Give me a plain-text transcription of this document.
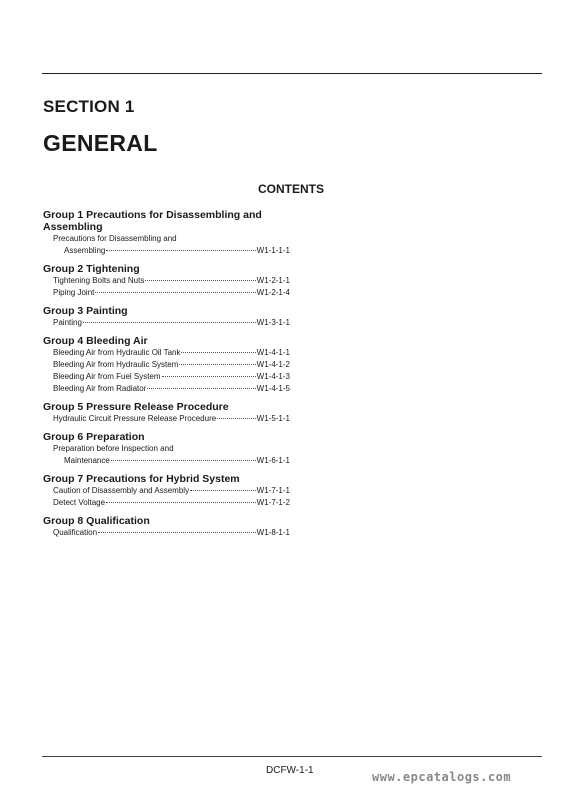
SECTION 1
GENERAL
CONTENTS
Group 1 Precautions for Disassembling and
Assembling
Precautions for Disassembling and
Assembling	W1-1-1-1
Group 2 Tightening
Tightening Bolts and Nuts	W1-2-1-1
Piping Joint	W1-2-1-4
Group 3 Painting
Painting	W1-3-1-1
Group 4 Bleeding Air
Bleeding Air from Hydraulic Oil Tank	W1-4-1-1
Bleeding Air from Hydraulic System	W1-4-1-2
Bleeding Air from Fuel System	W1-4-1-3
Bleeding Air from Radiator	W1-4-1-5
Group 5 Pressure Release Procedure
Hydraulic Circuit Pressure Release Procedure	W1-5-1-1
Group 6 Preparation
Preparation before Inspection and
Maintenance	W1-6-1-1
Group 7 Precautions for Hybrid System
Caution of Disassembly and Assembly	W1-7-1-1
Detect Voltage	W1-7-1-2
Group 8 Qualification
Qualification	W1-8-1-1
DCFW-1-1	www.epcatalogs.com
